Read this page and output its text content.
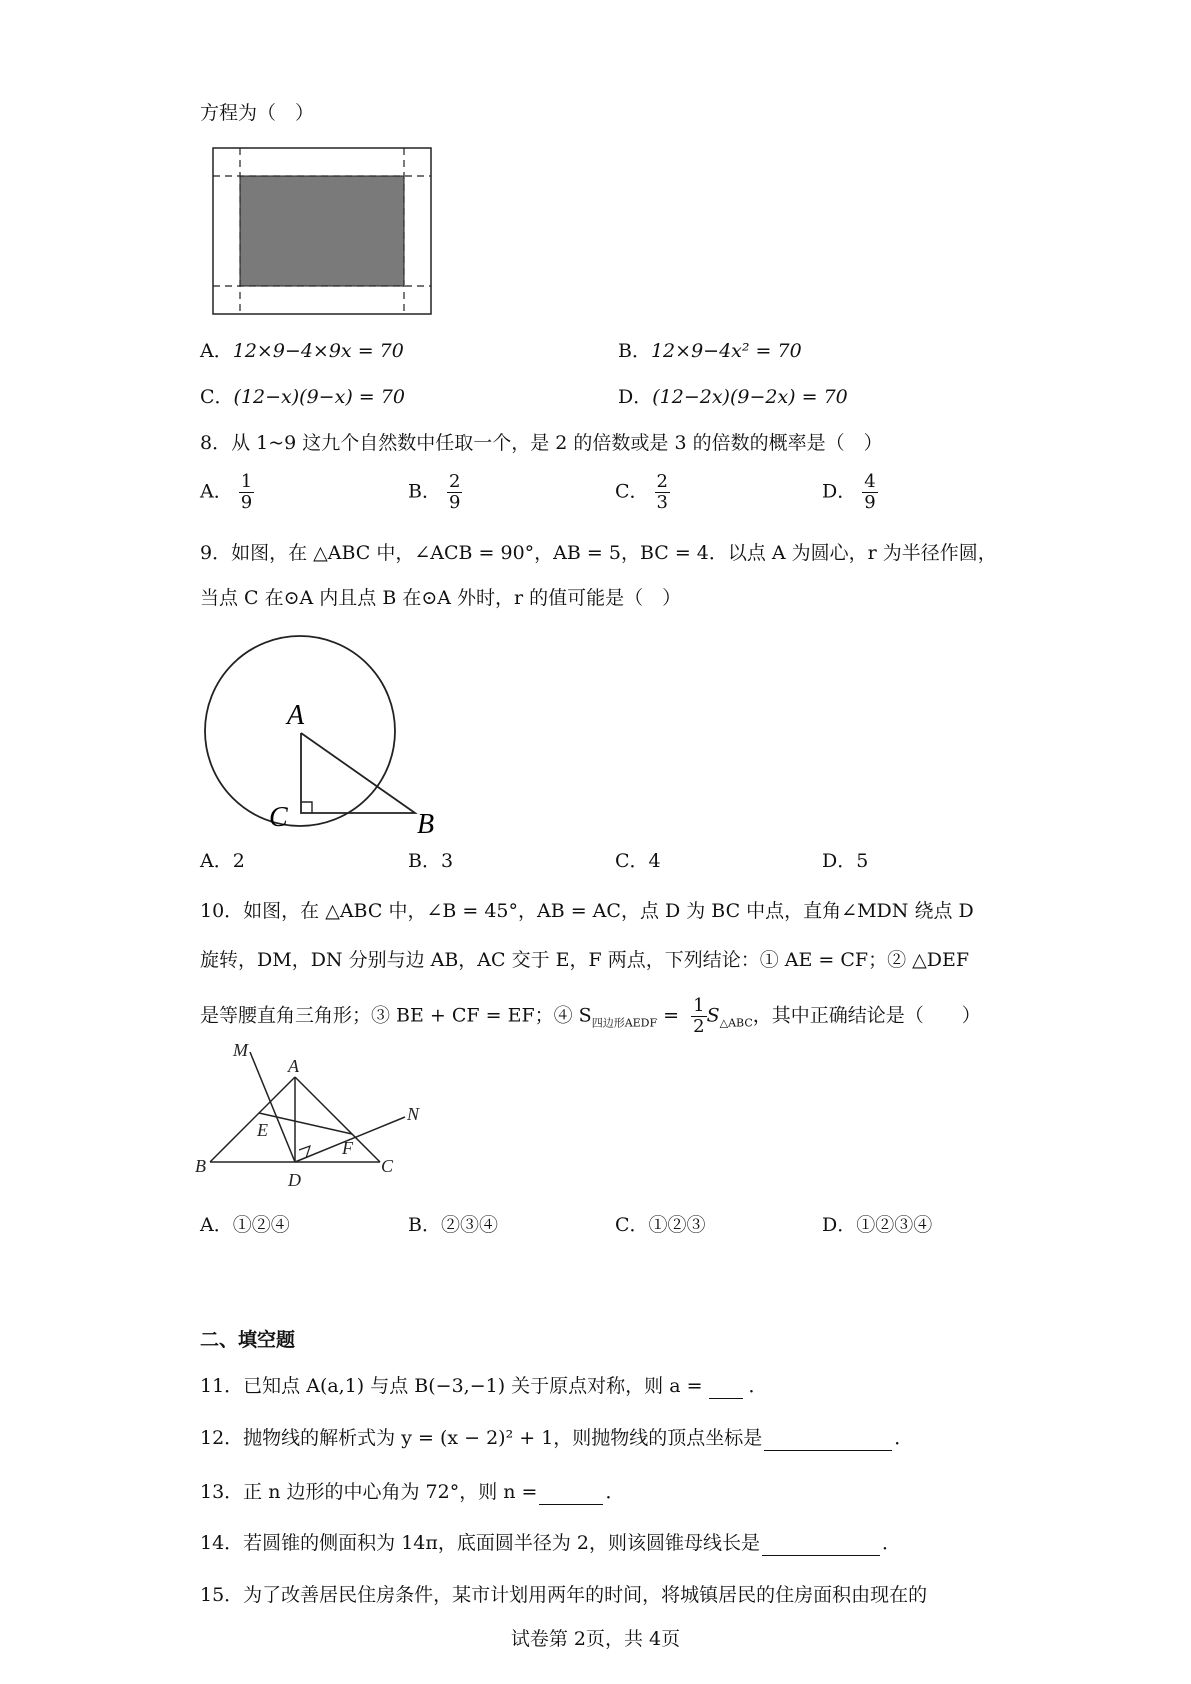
方程为（　）
A．12×9−4×9x = 70	B．12×9−4x² = 70
C．(12−x)(9−x) = 70	D．(12−2x)(9−2x) = 70
8．从 1~9 这九个自然数中任取一个，是 2 的倍数或是 3 的倍数的概率是（　）
A． $\frac{1}{9}$	B． $\frac{2}{9}$	C． $\frac{2}{3}$	D． $\frac{4}{9}$
9．如图，在 △ABC 中，∠ACB = 90°，AB = 5，BC = 4．以点 A 为圆心，r 为半径作圆，
当点 C 在⊙A 内且点 B 在⊙A 外时，r 的值可能是（　）
A
C	B
A．2	B．3	C．4	D．5
10．如图，在 △ABC 中，∠B = 45°，AB = AC，点 D 为 BC 中点，直角∠MDN 绕点 D
旋转，DM，DN 分别与边 AB，AC 交于 E，F 两点，下列结论：① AE = CF；② △DEF
是等腰直角三角形；③ BE + CF = EF；④ $S_{四边形AEDF} = \frac{1}{2} S_{\triangle ABC}$，其中正确结论是（　　）
M
A
N
E
B
F
C
D
A．①②④	B．②③④	C．①②③	D．①②③④
二、填空题
11．已知点 A(a,1) 与点 B(−3,−1) 关于原点对称，则 a = ．
12．抛物线的解析式为 y = (x − 2)² + 1，则抛物线的顶点坐标是	．
13．正 n 边形的中心角为 72°，则 n =	．
14．若圆锥的侧面积为 14π，底面圆半径为 2，则该圆锥母线长是	．
15．为了改善居民住房条件，某市计划用两年的时间，将城镇居民的住房面积由现在的
试卷第 2页，共 4页
